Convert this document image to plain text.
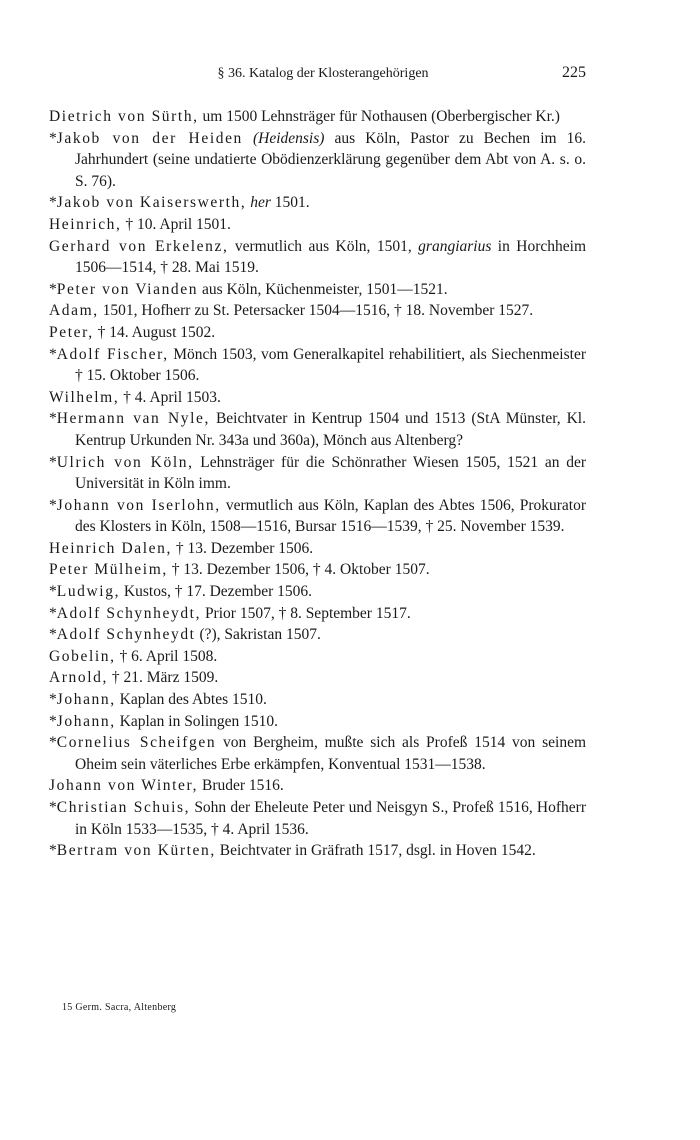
§ 36. Katalog der Klosterangehörigen	225
Dietrich von Sürth, um 1500 Lehnsträger für Nothausen (Oberbergischer Kr.)
*Jakob von der Heiden (Heidensis) aus Köln, Pastor zu Bechen im 16. Jahrhundert (seine undatierte Obödienzerklärung gegenüber dem Abt von A. s. o. S. 76).
*Jakob von Kaiserswerth, her 1501.
Heinrich, † 10. April 1501.
Gerhard von Erkelenz, vermutlich aus Köln, 1501, grangiarius in Horchheim 1506—1514, † 28. Mai 1519.
*Peter von Vianden aus Köln, Küchenmeister, 1501—1521.
Adam, 1501, Hofherr zu St. Petersacker 1504—1516, † 18. November 1527.
Peter, † 14. August 1502.
*Adolf Fischer, Mönch 1503, vom Generalkapitel rehabilitiert, als Siechenmeister † 15. Oktober 1506.
Wilhelm, † 4. April 1503.
*Hermann van Nyle, Beichtvater in Kentrup 1504 und 1513 (StA Münster, Kl. Kentrup Urkunden Nr. 343a und 360a), Mönch aus Altenberg?
*Ulrich von Köln, Lehnsträger für die Schönrather Wiesen 1505, 1521 an der Universität in Köln imm.
*Johann von Iserlohn, vermutlich aus Köln, Kaplan des Abtes 1506, Prokurator des Klosters in Köln, 1508—1516, Bursar 1516—1539, † 25. November 1539.
Heinrich Dalen, † 13. Dezember 1506.
Peter Mülheim, † 13. Dezember 1506, † 4. Oktober 1507.
*Ludwig, Kustos, † 17. Dezember 1506.
*Adolf Schynheydt, Prior 1507, † 8. September 1517.
*Adolf Schynheydt (?), Sakristan 1507.
Gobelin, † 6. April 1508.
Arnold, † 21. März 1509.
*Johann, Kaplan des Abtes 1510.
*Johann, Kaplan in Solingen 1510.
*Cornelius Scheifgen von Bergheim, mußte sich als Profeß 1514 von seinem Oheim sein väterliches Erbe erkämpfen, Konventual 1531—1538.
Johann von Winter, Bruder 1516.
*Christian Schuis, Sohn der Eheleute Peter und Neisgyn S., Profeß 1516, Hofherr in Köln 1533—1535, † 4. April 1536.
*Bertram von Kürten, Beichtvater in Gräfrath 1517, dsgl. in Hoven 1542.
15 Germ. Sacra, Altenberg
